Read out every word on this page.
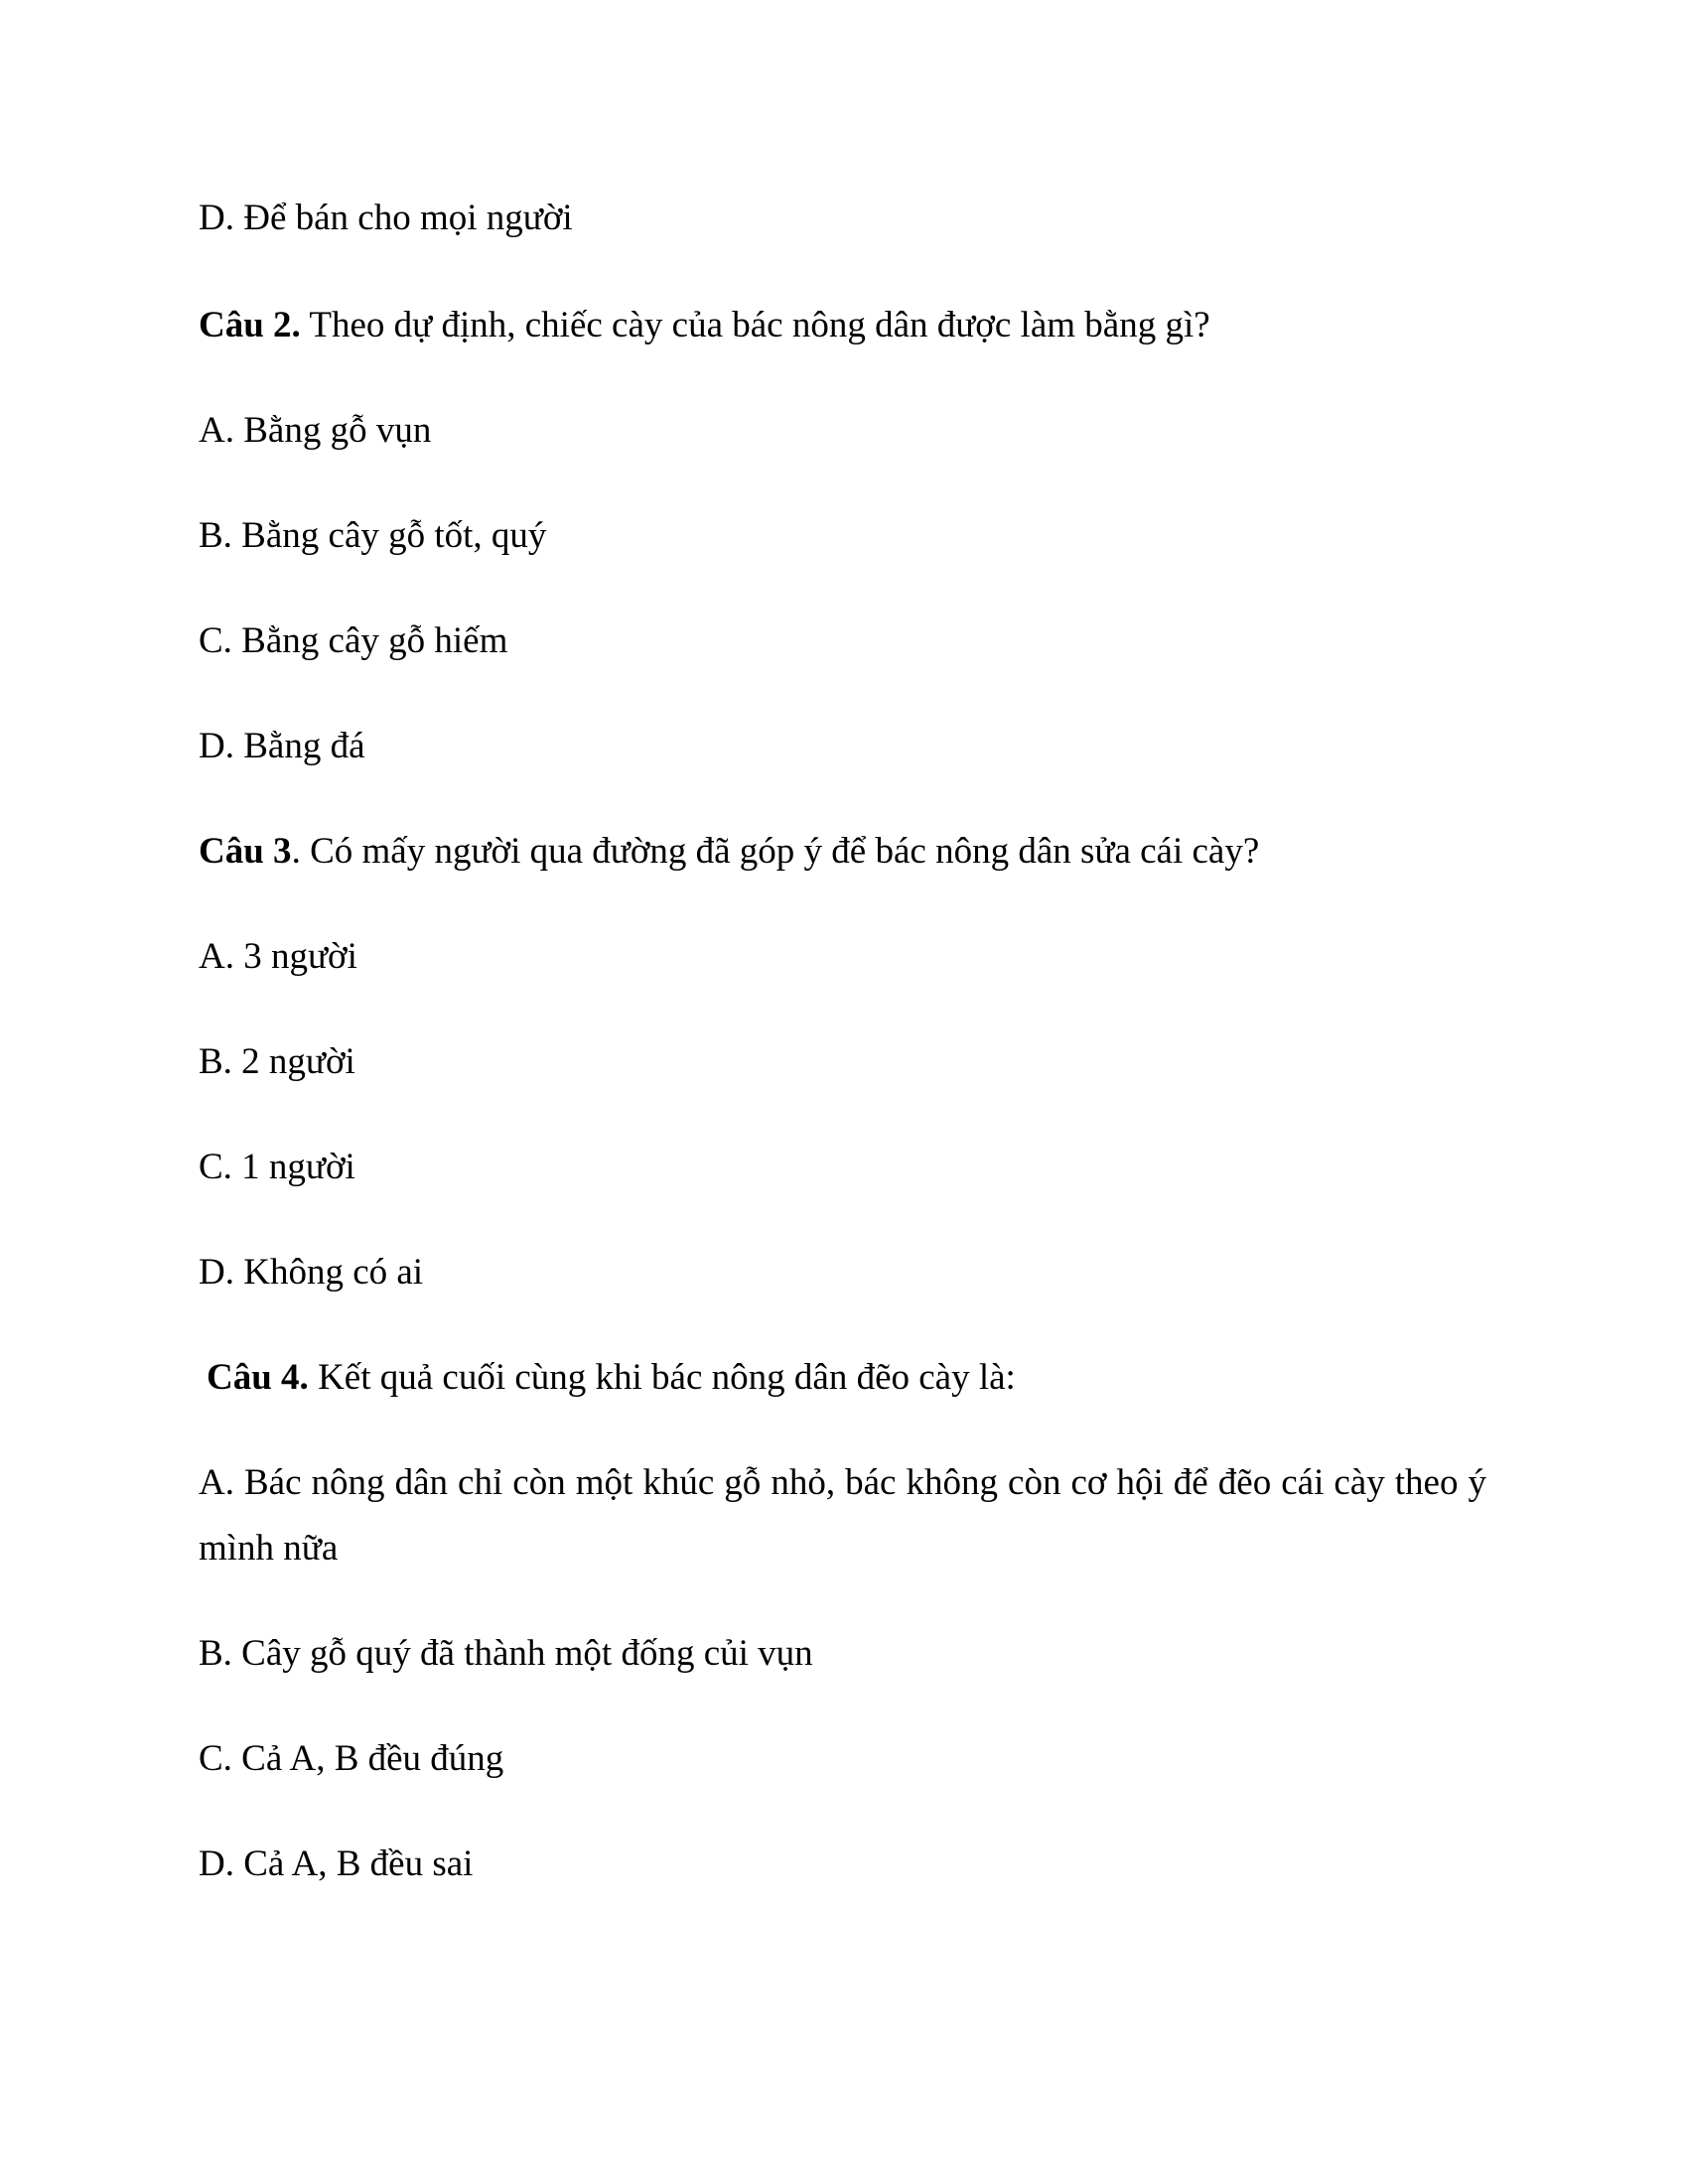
D. Để bán cho mọi người

Câu 2. Theo dự định, chiếc cày của bác nông dân được làm bằng gì?

A. Bằng gỗ vụn

B. Bằng cây gỗ tốt, quý

C. Bằng cây gỗ hiếm

D. Bằng đá

Câu 3. Có mấy người qua đường đã góp ý để bác nông dân sửa cái cày?

A. 3 người

B. 2 người

C. 1 người

D. Không có ai

Câu 4. Kết quả cuối cùng khi bác nông dân đẽo cày là:

A. Bác nông dân chỉ còn một khúc gỗ nhỏ, bác không còn cơ hội để đẽo cái cày theo ý mình nữa

B. Cây gỗ quý đã thành một đống củi vụn

C. Cả A, B đều đúng

D. Cả A, B đều sai
